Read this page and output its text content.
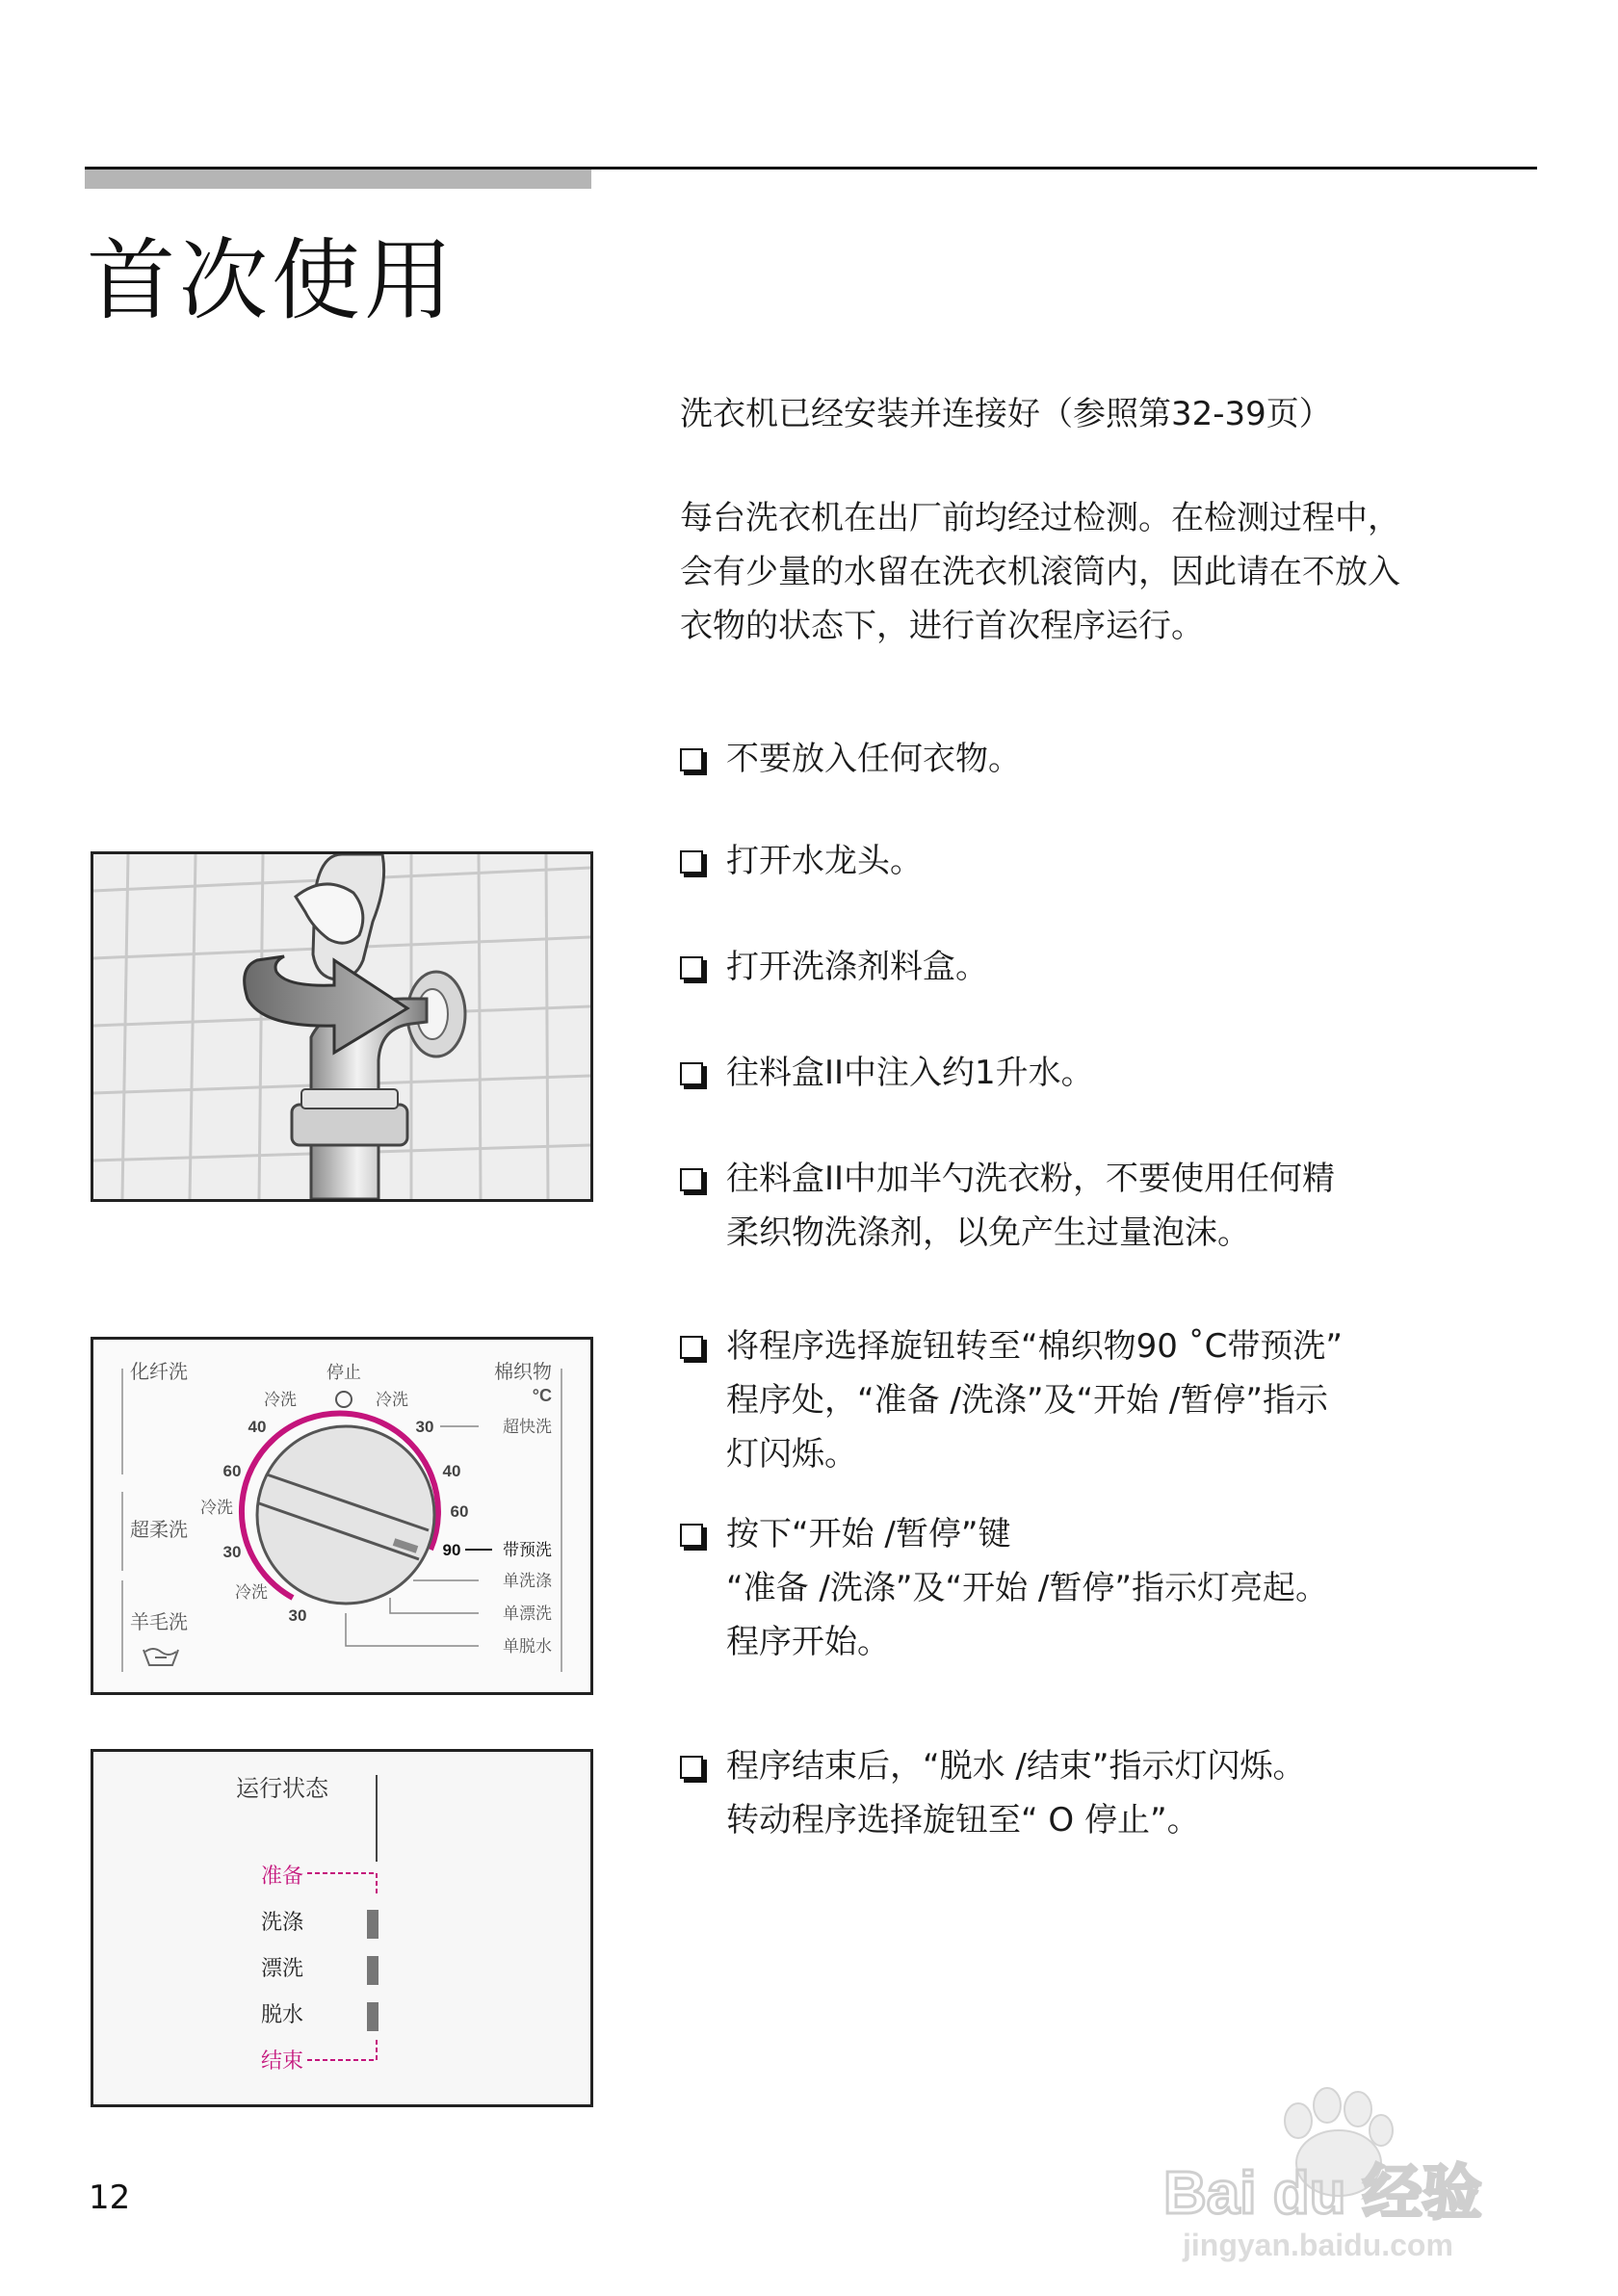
首次使用
洗衣机已经安装并连接好（参照第32-39页）
每台洗衣机在出厂前均经过检测。在检测过程中，
会有少量的水留在洗衣机滚筒内，因此请在不放入
衣物的状态下，进行首次程序运行。
不要放入任何衣物。
打开水龙头。
打开洗涤剂料盒。
往料盒II中注入约1升水。
往料盒II中加半勺洗衣粉，不要使用任何精
柔织物洗涤剂，以免产生过量泡沫。
将程序选择旋钮转至“棉织物90 ˚C带预洗”
程序处，“准备 /洗涤”及“开始 /暂停”指示
灯闪烁。
按下“开始 /暂停”键
“准备 /洗涤”及“开始 /暂停”指示灯亮起。
程序开始。
程序结束后，“脱水 /结束”指示灯闪烁。
转动程序选择旋钮至“ O 停止”。
化纤洗
超柔洗
羊毛洗
棉织物
°C
停止
冷洗	冷洗
冷洗
冷洗
40
60
30
30
30
40
60
90
超快洗
带预洗
单洗涤
单漂洗
单脱水
运行状态
准备
洗涤
漂洗
脱水
结束
12	Bai du 经验
jingyan.baidu.com
